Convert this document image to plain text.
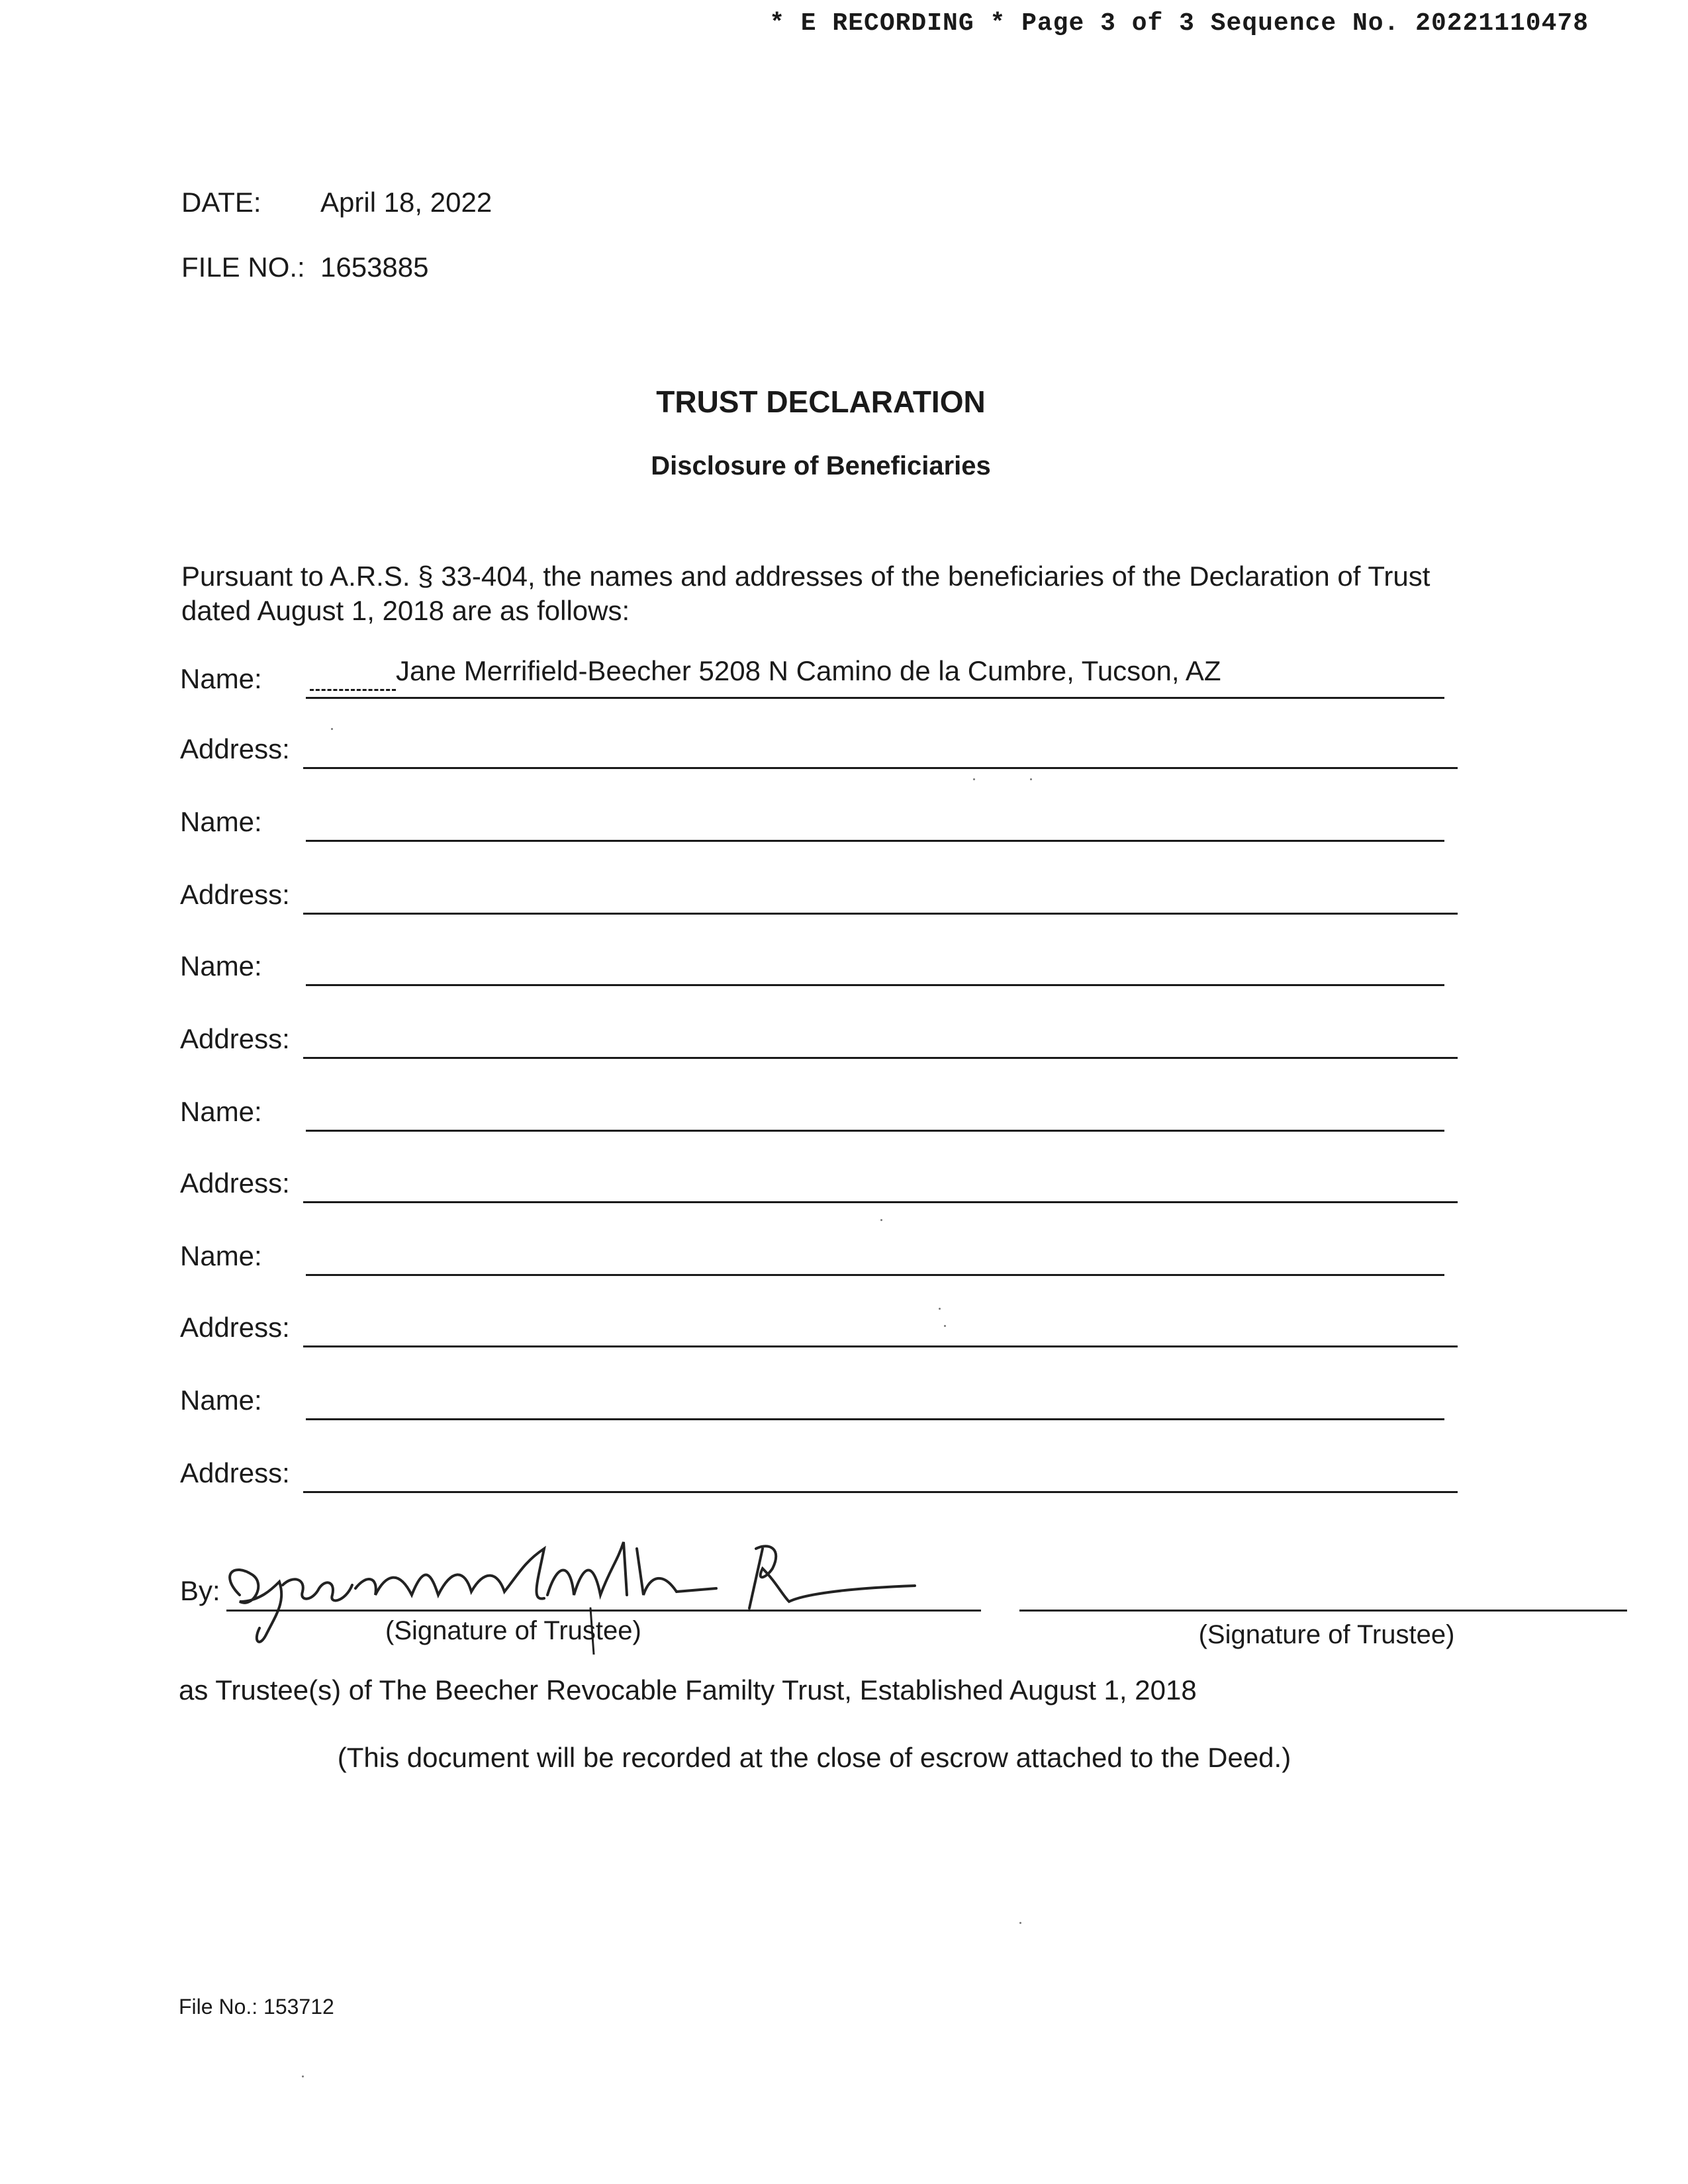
* E RECORDING * Page 3 of 3 Sequence No. 20221110478
DATE: April 18, 2022
FILE NO.: 1653885
TRUST DECLARATION
Disclosure of Beneficiaries
Pursuant to A.R.S. § 33-404, the names and addresses of the beneficiaries of the Declaration of Trust dated August 1, 2018 are as follows:
Name:	Jane Merrifield-Beecher 5208 N Camino de la Cumbre, Tucson, AZ
Address:
Name:
Address:
Name:
Address:
Name:
Address:
Name:
Address:
Name:
Address:
By:
(Signature of Trustee)	(Signature of Trustee)
as Trustee(s) of The Beecher Revocable Familty Trust, Established August 1, 2018
(This document will be recorded at the close of escrow attached to the Deed.)
File No.: 153712
